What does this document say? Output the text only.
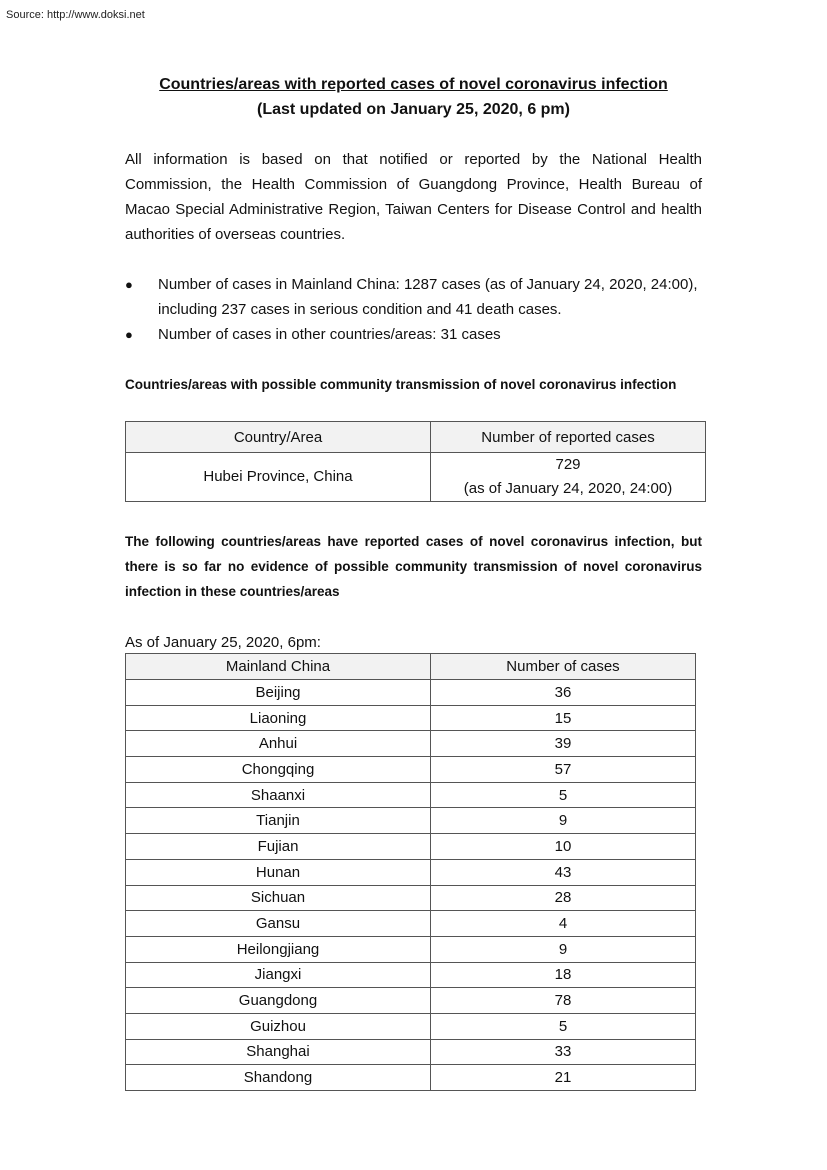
Source: http://www.doksi.net
Countries/areas with reported cases of novel coronavirus infection
(Last updated on January 25, 2020, 6 pm)

All information is based on that notified or reported by the National Health Commission, the Health Commission of Guangdong Province, Health Bureau of Macao Special Administrative Region, Taiwan Centers for Disease Control and health authorities of overseas countries.

● Number of cases in Mainland China: 1287 cases (as of January 24, 2020, 24:00), including 237 cases in serious condition and 41 death cases.
● Number of cases in other countries/areas: 31 cases

Countries/areas with possible community transmission of novel coronavirus infection

Country/Area	Number of reported cases
Hubei Province, China	729
(as of January 24, 2020, 24:00)

The following countries/areas have reported cases of novel coronavirus infection, but there is so far no evidence of possible community transmission of novel coronavirus infection in these countries/areas

As of January 25, 2020, 6pm:
Mainland China	Number of cases
Beijing	36
Liaoning	15
Anhui	39
Chongqing	57
Shaanxi	5
Tianjin	9
Fujian	10
Hunan	43
Sichuan	28
Gansu	4
Heilongjiang	9
Jiangxi	18
Guangdong	78
Guizhou	5
Shanghai	33
Shandong	21
